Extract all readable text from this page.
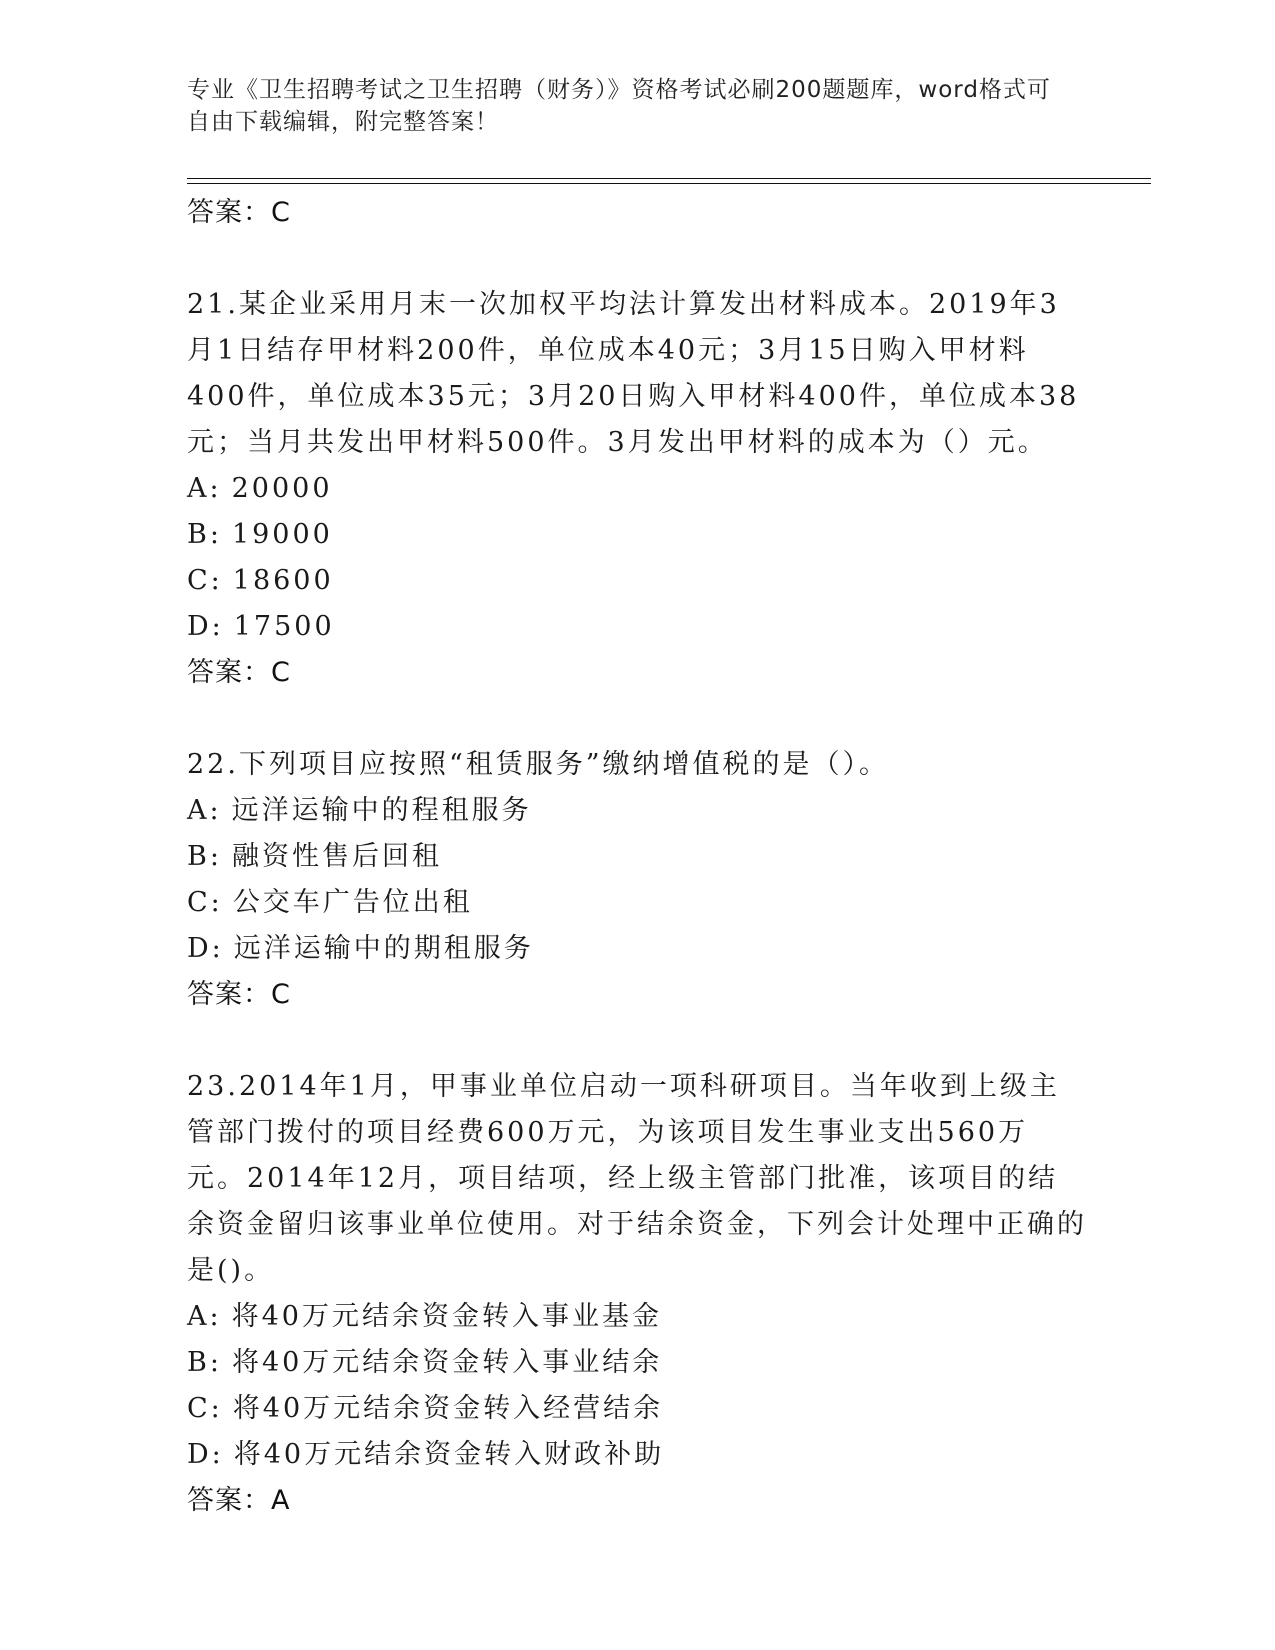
专业《卫生招聘考试之卫生招聘（财务）》资格考试必刷200题题库，word格式可自由下载编辑，附完整答案！
答案：C
21.某企业采用月末一次加权平均法计算发出材料成本。2019年3月1日结存甲材料200件，单位成本40元；3月15日购入甲材料400件，单位成本35元；3月20日购入甲材料400件，单位成本38元；当月共发出甲材料500件。3月发出甲材料的成本为（）元。
A: 20000
B: 19000
C: 18600
D: 17500
答案：C
22.下列项目应按照“租赁服务”缴纳增值税的是（）。
A: 远洋运输中的程租服务
B: 融资性售后回租
C: 公交车广告位出租
D: 远洋运输中的期租服务
答案：C
23.2014年1月，甲事业单位启动一项科研项目。当年收到上级主管部门拨付的项目经费600万元，为该项目发生事业支出560万元。2014年12月，项目结项，经上级主管部门批准，该项目的结余资金留归该事业单位使用。对于结余资金，下列会计处理中正确的是()。
A: 将40万元结余资金转入事业基金
B: 将40万元结余资金转入事业结余
C: 将40万元结余资金转入经营结余
D: 将40万元结余资金转入财政补助
答案：A
